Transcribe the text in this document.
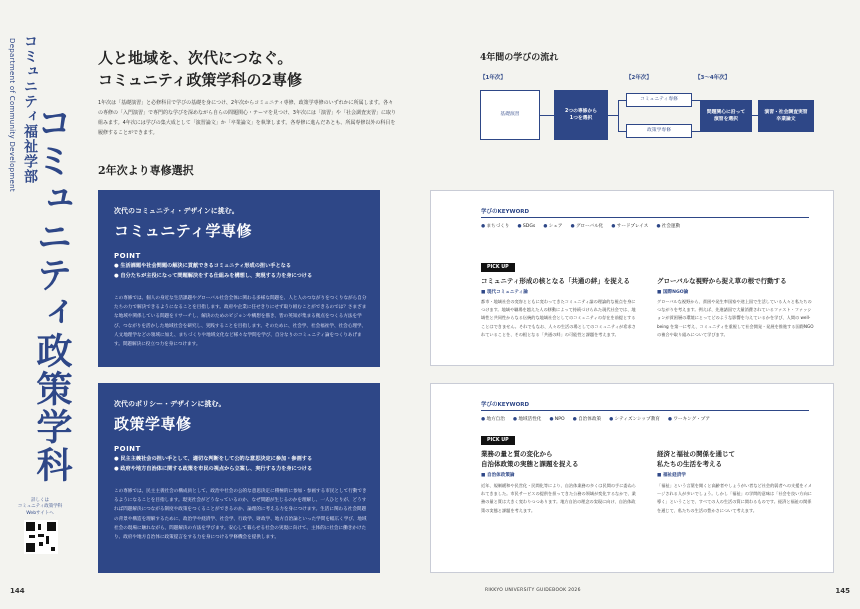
Department of Community Development コミュニティ福祉学部
コミュニティ政策学科
詳しくは
コミュニティ政策学科
Webサイトへ
人と地域を、次代につなぐ。
コミュニティ政策学科の2専修
1年次は「基礎演習」と必修科目で学びの基礎を身につけ、2年次からコミュニティ専修、政策学専修のいずれかに所属します。各々の専修の「入門演習」で専門的な学びを深めながら自らの問題関心・テーマを見つけ、3年次には「演習」や「社会調査実習」に取り組みます。4年次には学びの集大成として「演習論文」か「卒業論文」を執筆します。各専修に進んだあとも、所属専修以外の科目を履修することができます。
2年次より専修選択
次代のコミュニティ・デザインに挑む。
コミュニティ学専修
POINT
● 生活課題や社会問題の解決に貢献できるコミュニティ形成の担い手となる
● 自分たちが主役になって問題解決をする仕組みを構想し、実現する力を身につける
この専修では、個人の身近な生活課題やグローバル社会全体に関わる多様な問題を、人と人のつながりをつくりながら自分たちの力で解決できるようになることを目指します。政府や企業に任せきりにせず取り組むことができるのでは？さまざまな地域や関係している問題をリサーチし、解決のためのビジョンや構想を描き、皆の英知が集まる拠点をつくる方法を学び、つながりを活かした地域社会を研究し、実践することを目指します。そのために、社会学、社会福祉学、社会心理学、人文地理学などの領域に加え、まちづくりや地域文化など様々な学問を学び、自分なりのコミュニティ論をつくりあげます。問題解決に役立つ力を身につけます。
次代のポリシー・デザインに挑む。
政策学専修
POINT
● 民主主義社会の担い手として、適切な判断をして公的な意思決定に参加・参画する
● 政府や地方自治体に関する政策を市民の視点から立案し、実行する力を身につける
この専修では、民主主義社会の構成員として、政治や社会の公的な意思決定に積極的に参加・参画する市民として行動できるようになることを目指します。現実社会がどうなっているのか、なぜ問題が生じるのかを理解し、一人ひとりが、どうすれば問題解決につながる制度や政策をつくることができるのか、論理的に考える力を身につけます。生活に関わる社会問題の背景や構造を理解するために、政治学や経済学、社会学、行政学、財政学、地方自治論といった学問を幅広く学び、地域社会の現場に触れながら、問題解決の方法を学びます。安心して暮らせる社会の実現に向けて、主体的に社会に働きかけたり、政府や地方自治体に政策提言をする力を身につける学修機会を提供します。
144
4年間の学びの流れ
【1年次】	【2年次】	【3～4年次】
基礎演習
2つの専修から
1つを選択
コミュニティ専修
政策学専修
問題関心に沿って
演習を選択
演習・社会調査実習
卒業論文
学びのKEYWORD
● まちづくり	● SDGs	● シェア	● グローバル化	● サードプレイス	● 社会運動
PICK UP
コミュニティ形成の核となる「共通の絆」を捉える
■ 現代コミュニティ論
都市・地域社会の変容とともに変わってきたコミュニティ論の理論的な視点を身につけます。地域や職場を越えた人の移動によって持続づけられた現代社会では、地域性と共同性からなる伝統的な地域社会としてのコミュニティの存在を前提とすることはできません。それでもなお、人々の生活の場としてのコミュニティが希求されていることを、その根となる「共通の絆」の可能性と課題を考えます。
グローバルな視野から捉え草の根で行動する
■ 国際NGO論
グローバルな視野から、貧困や発生率国家や途上国で生活している人々と私たちのつながりを考えます。例えば、先進諸国で大量消費されているファスト・ファッションが貧困層の環境にとってどのような影響を与えているかを学び、人間の well-being を第一に考え、コミュニティを重視して社会開発・発展を推進する国際NGOの複合や取り組みについて学びます。
学びのKEYWORD
● 地方自治	● 地域活性化	● NPO	● 自治体政策	● シティズンシップ教育	● ワーキング・プア
PICK UP
業務の量と質の変化から
自治体政策の実態と課題を捉える
■ 自治体政策論
近年、規制緩和や民営化・民間化等により、自治体業務の多くは民間の手に委ねられてきました。市民サービスの提供を担ってきた公務の領域が変化するなかで、業務の量と質は大きく変わりつつあります。地方自治の理念の実現に向け、自治体政策の実態と課題を考えます。
経済と福祉の関係を通じて
私たちの生活を考える
■ 福祉経済学
「福祉」という言葉を聞くと高齢者やしょうがい者など社会的弱者への支援をイメージされる人が多いでしょう。しかし「福祉」の学問的意味は「社会を良い方向に導く」ということで、すべての人の生活の質に関わるものです。経済と福祉の関係を通じて、私たちの生活の豊かさについて考えます。
RIKKYO UNIVERSITY GUIDEBOOK 2026	145
